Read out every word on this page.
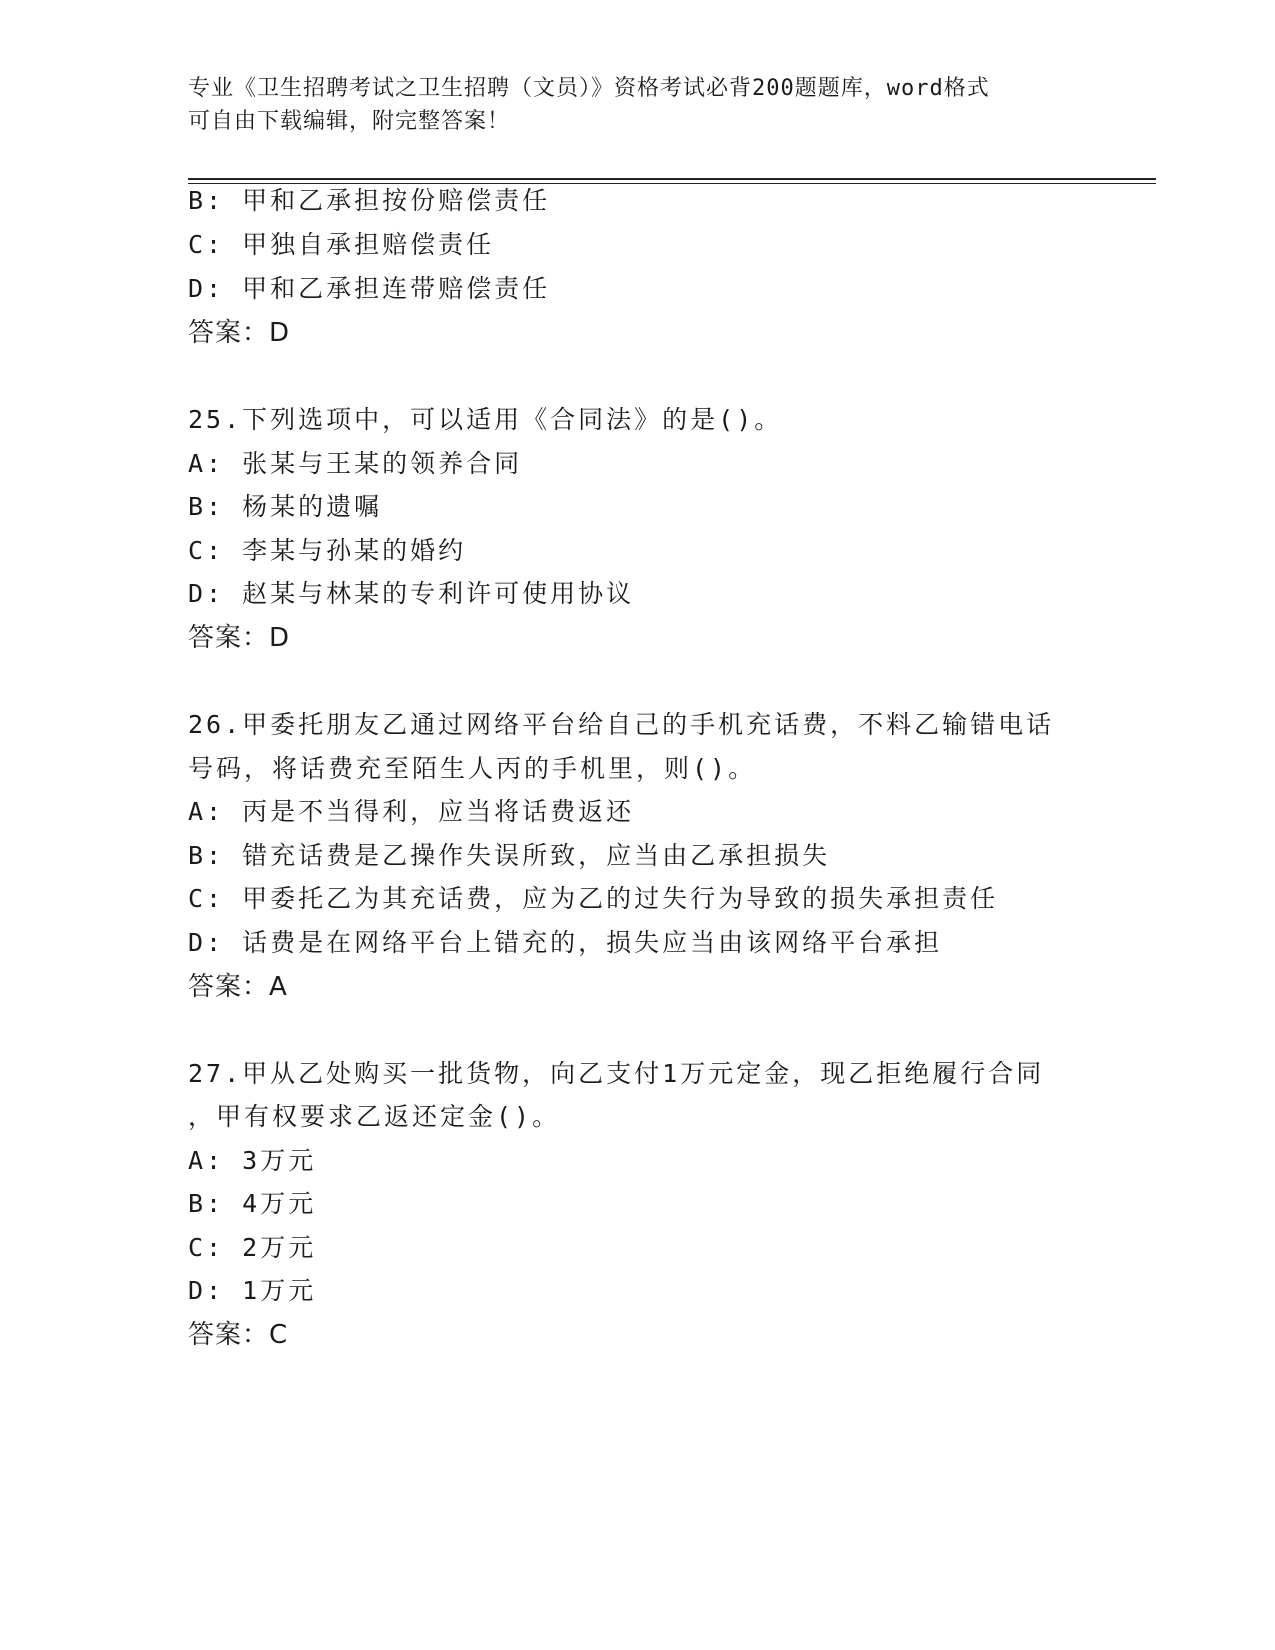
专业《卫生招聘考试之卫生招聘（文员）》资格考试必背200题题库，word格式
可自由下载编辑，附完整答案！
B: 甲和乙承担按份赔偿责任
C: 甲独自承担赔偿责任
D: 甲和乙承担连带赔偿责任
答案：D
25.下列选项中，可以适用《合同法》的是()。
A: 张某与王某的领养合同
B: 杨某的遗嘱
C: 李某与孙某的婚约
D: 赵某与林某的专利许可使用协议
答案：D
26.甲委托朋友乙通过网络平台给自己的手机充话费，不料乙输错电话
号码，将话费充至陌生人丙的手机里，则()。
A: 丙是不当得利，应当将话费返还
B: 错充话费是乙操作失误所致，应当由乙承担损失
C: 甲委托乙为其充话费，应为乙的过失行为导致的损失承担责任
D: 话费是在网络平台上错充的，损失应当由该网络平台承担
答案：A
27.甲从乙处购买一批货物，向乙支付1万元定金，现乙拒绝履行合同
，甲有权要求乙返还定金()。
A: 3万元
B: 4万元
C: 2万元
D: 1万元
答案：C
